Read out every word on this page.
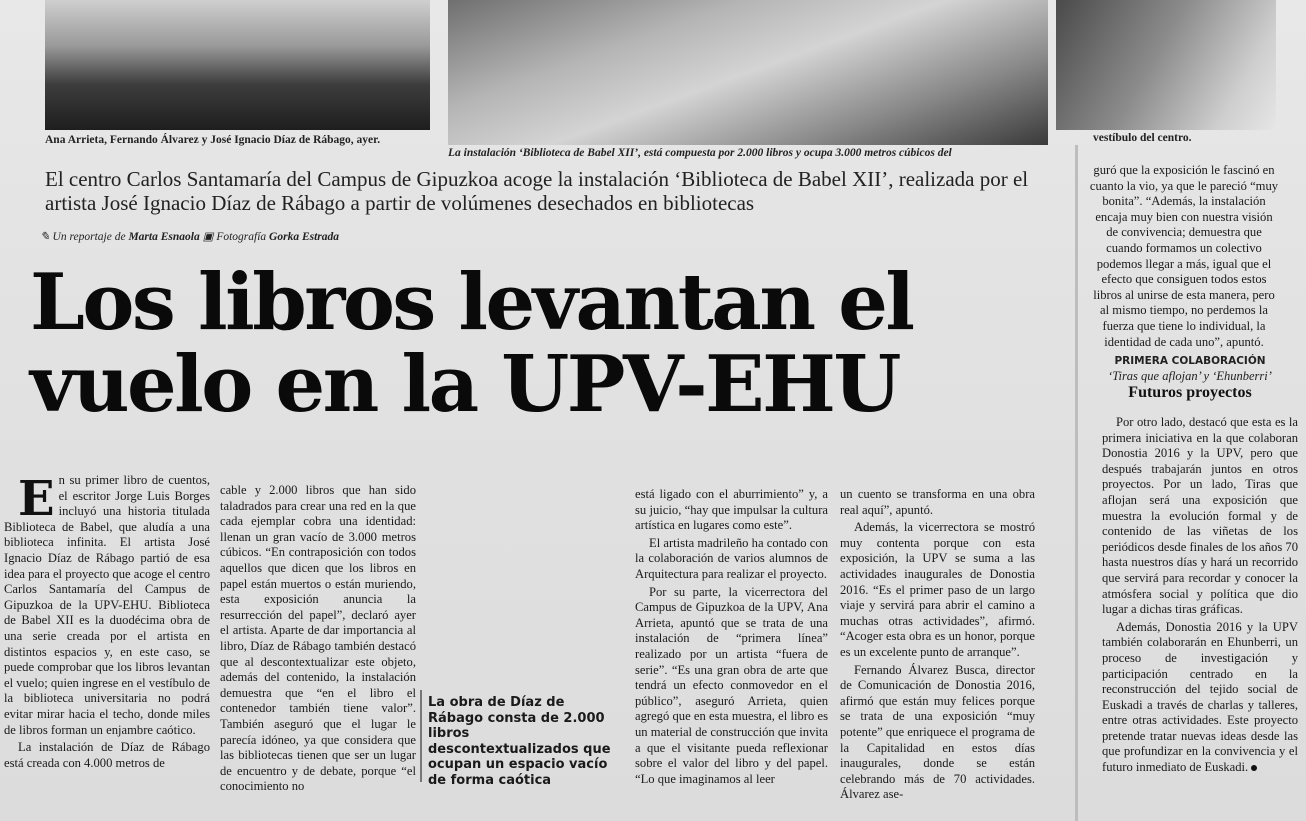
Ana Arrieta, Fernando Álvarez y José Ignacio Díaz de Rábago, ayer.
La instalación ‘Biblioteca de Babel XII’, está compuesta por 2.000 libros y ocupa 3.000 metros cúbicos del
vestíbulo del centro.
El centro Carlos Santamaría del Campus de Gipuzkoa acoge la instalación ‘Biblioteca de Babel XII’, realizada por el artista José Ignacio Díaz de Rábago a partir de volúmenes desechados en bibliotecas
✎ Un reportaje de Marta Esnaola ▣ Fotografía Gorka Estrada
Los libros levantan el vuelo en la UPV-EHU
E n su primer libro de cuentos, el escritor Jorge Luis Borges incluyó una historia titulada Biblioteca de Babel, que aludía a una biblioteca infinita. El artista José Ignacio Díaz de Rábago partió de esa idea para el proyecto que acoge el centro Carlos Santamaría del Campus de Gipuzkoa de la UPV-EHU. Biblioteca de Babel XII es la duodécima obra de una serie creada por el artista en distintos espacios y, en este caso, se puede comprobar que los libros levantan el vuelo; quien ingrese en el vestíbulo de la biblioteca universitaria no podrá evitar mirar hacia el techo, donde miles de libros forman un enjambre caótico.

La instalación de Díaz de Rábago está creada con 4.000 metros de

cable y 2.000 libros que han sido taladrados para crear una red en la que cada ejemplar cobra una identidad: llenan un gran vacío de 3.000 metros cúbicos. “En contraposición con todos aquellos que dicen que los libros en papel están muertos o están muriendo, esta exposición anuncia la resurrección del papel”, declaró ayer el artista. Aparte de dar importancia al libro, Díaz de Rábago también destacó que al descontextualizar este objeto, además del contenido, la instalación demuestra que “en el libro el contenedor también tiene valor”. También aseguró que el lugar le parecía idóneo, ya que considera que las bibliotecas tienen que ser un lugar de encuentro y de debate, porque “el conocimiento no

La obra de Díaz de Rábago consta de 2.000 libros descontextualizados que ocupan un espacio vacío de forma caótica

está ligado con el aburrimiento” y, a su juicio, “hay que impulsar la cultura artística en lugares como este”.

El artista madrileño ha contado con la colaboración de varios alumnos de Arquitectura para realizar el proyecto.

Por su parte, la vicerrectora del Campus de Gipuzkoa de la UPV, Ana Arrieta, apuntó que se trata de una instalación de “primera línea” realizado por un artista “fuera de serie”. “Es una gran obra de arte que tendrá un efecto conmovedor en el público”, aseguró Arrieta, quien agregó que en esta muestra, el libro es un material de construcción que invita a que el visitante pueda reflexionar sobre el valor del libro y del papel. “Lo que imaginamos al leer

un cuento se transforma en una obra real aquí”, apuntó.

Además, la vicerrectora se mostró muy contenta porque con esta exposición, la UPV se suma a las actividades inaugurales de Donostia 2016. “Es el primer paso de un largo viaje y servirá para abrir el camino a muchas otras actividades”, afirmó. “Acoger esta obra es un honor, porque es un excelente punto de arranque”.

Fernando Álvarez Busca, director de Comunicación de Donostia 2016, afirmó que están muy felices porque se trata de una exposición “muy potente” que enriquece el programa de la Capitalidad en estos días inaugurales, donde se están celebrando más de 70 actividades. Álvarez ase-

guró que la exposición le fascinó en cuanto la vio, ya que le pareció “muy bonita”. “Además, la instalación encaja muy bien con nuestra visión de convivencia; demuestra que cuando formamos un colectivo podemos llegar a más, igual que el efecto que consiguen todos estos libros al unirse de esta manera, pero al mismo tiempo, no perdemos la fuerza que tiene lo individual, la identidad de cada uno”, apuntó.

PRIMERA COLABORACIÓN
‘Tiras que aflojan’ y ‘Ehunberri’
Futuros proyectos

Por otro lado, destacó que esta es la primera iniciativa en la que colaboran Donostia 2016 y la UPV, pero que después trabajarán juntos en otros proyectos. Por un lado, Tiras que aflojan será una exposición que muestra la evolución formal y de contenido de las viñetas de los periódicos desde finales de los años 70 hasta nuestros días y hará un recorrido que servirá para recordar y conocer la atmósfera social y política que dio lugar a dichas tiras gráficas.

Además, Donostia 2016 y la UPV también colaborarán en Ehunberri, un proceso de investigación y participación centrado en la reconstrucción del tejido social de Euskadi a través de charlas y talleres, entre otras actividades. Este proyecto pretende tratar nuevas ideas desde las que profundizar en la convivencia y el futuro inmediato de Euskadi.
